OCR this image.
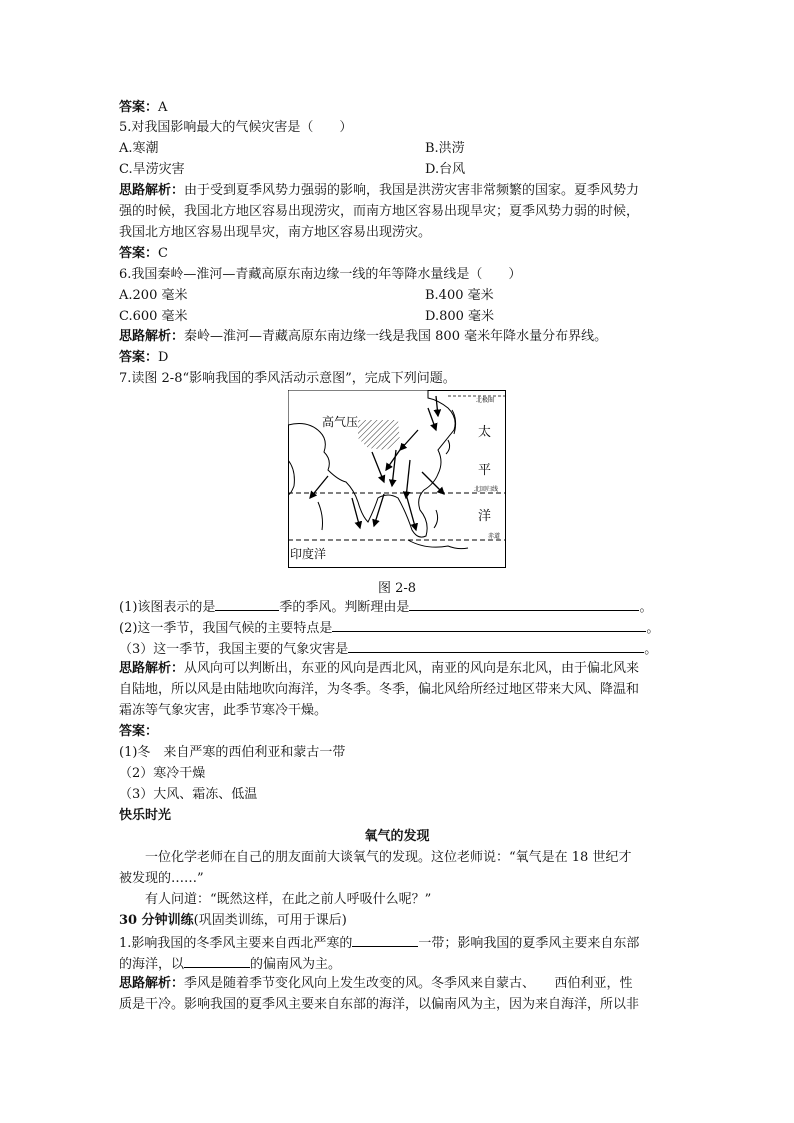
答案：A
5.对我国影响最大的气候灾害是（　　）
A.寒潮	B.洪涝
C.旱涝灾害	D.台风
思路解析：由于受到夏季风势力强弱的影响，我国是洪涝灾害非常频繁的国家。夏季风势力
强的时候，我国北方地区容易出现涝灾，而南方地区容易出现旱灾；夏季风势力弱的时候，
我国北方地区容易出现旱灾，南方地区容易出现涝灾。
答案：C
6.我国秦岭—淮河—青藏高原东南边缘一线的年等降水量线是（　　）
A.200 毫米	B.400 毫米
C.600 毫米	D.800 毫米
思路解析：秦岭—淮河—青藏高原东南边缘一线是我国 800 毫米年降水量分布界线。
答案：D
7.读图 2-8“影响我国的季风活动示意图”，完成下列问题。
高气压
太
平
洋
印度洋
北极圈
北回归线
赤道
图 2-8
(1)该图表示的是	季的季风。判断理由是	。
(2)这一季节，我国气候的主要特点是	。
（3）这一季节，我国主要的气象灾害是	。
思路解析：从风向可以判断出，东亚的风向是西北风，南亚的风向是东北风，由于偏北风来
自陆地，所以风是由陆地吹向海洋，为冬季。冬季，偏北风给所经过地区带来大风、降温和
霜冻等气象灾害，此季节寒冷干燥。
答案：
(1)冬　来自严寒的西伯利亚和蒙古一带
（2）寒冷干燥
（3）大风、霜冻、低温
快乐时光
氧气的发现
一位化学老师在自己的朋友面前大谈氧气的发现。这位老师说：“氧气是在 18 世纪才
被发现的……”
有人问道：“既然这样，在此之前人呼吸什么呢？”
30 分钟训练(巩固类训练，可用于课后)
1.影响我国的冬季风主要来自西北严寒的	一带；影响我国的夏季风主要来自东部
的海洋，以	的偏南风为主。
思路解析：季风是随着季节变化风向上发生改变的风。冬季风来自蒙古、　　西伯利亚，性
质是干冷。影响我国的夏季风主要来自东部的海洋，以偏南风为主，因为来自海洋，所以非
